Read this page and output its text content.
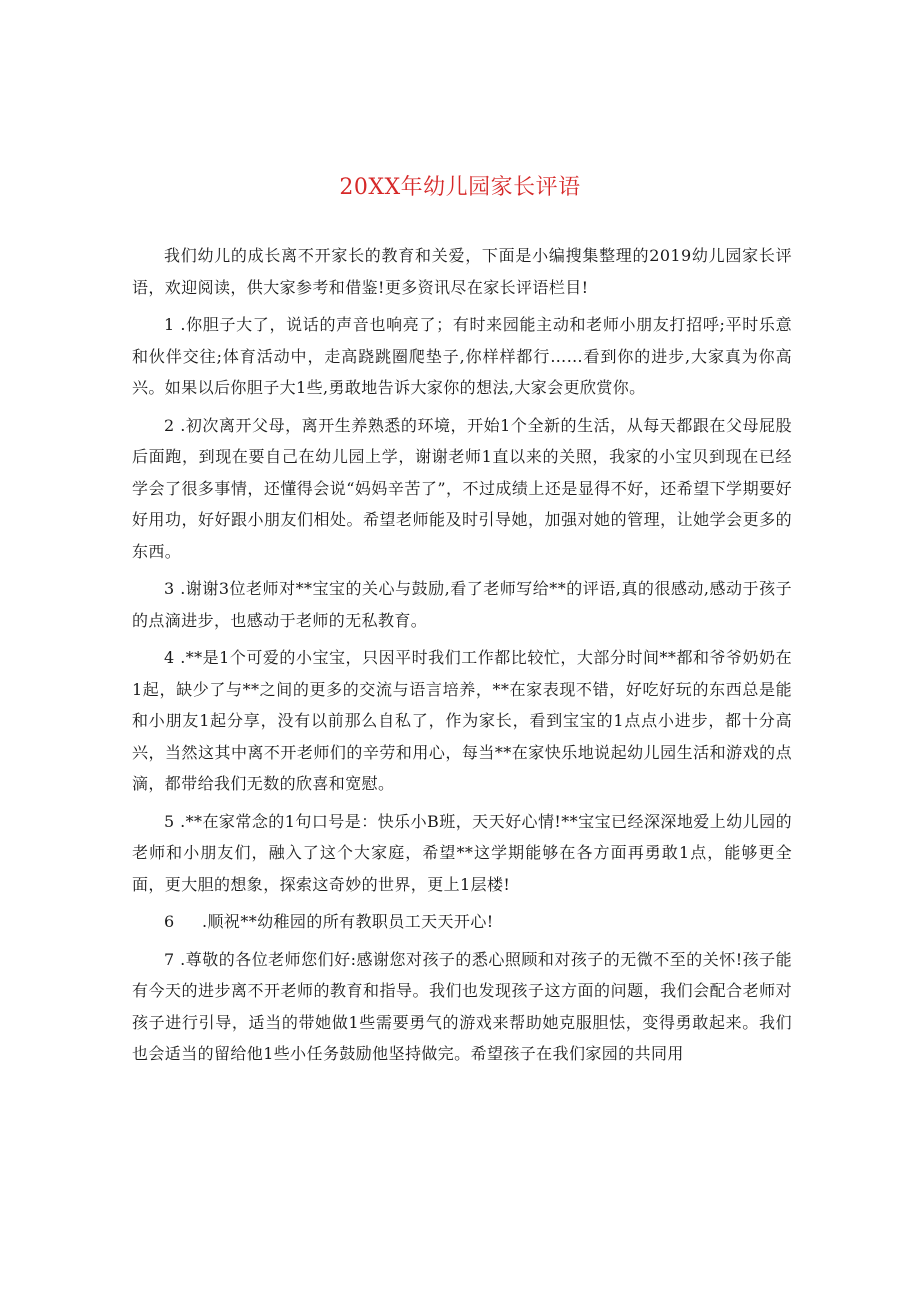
20XX年幼儿园家长评语

我们幼儿的成长离不开家长的教育和关爱，下面是小编搜集整理的2019幼儿园家长评语，欢迎阅读，供大家参考和借鉴!更多资讯尽在家长评语栏目!

1 .你胆子大了，说话的声音也响亮了；有时来园能主动和老师小朋友打招呼;平时乐意和伙伴交往;体育活动中，走高跷跳圈爬垫子,你样样都行……看到你的进步,大家真为你高兴。如果以后你胆子大1些,勇敢地告诉大家你的想法,大家会更欣赏你。

2 .初次离开父母，离开生养熟悉的环境，开始1个全新的生活，从每天都跟在父母屁股后面跑，到现在要自己在幼儿园上学，谢谢老师1直以来的关照，我家的小宝贝到现在已经学会了很多事情，还懂得会说“妈妈辛苦了”，不过成绩上还是显得不好，还希望下学期要好好用功，好好跟小朋友们相处。希望老师能及时引导她，加强对她的管理，让她学会更多的东西。

3 .谢谢3位老师对**宝宝的关心与鼓励,看了老师写给**的评语,真的很感动,感动于孩子的点滴进步，也感动于老师的无私教育。

4 .**是1个可爱的小宝宝，只因平时我们工作都比较忙，大部分时间**都和爷爷奶奶在1起，缺少了与**之间的更多的交流与语言培养，**在家表现不错，好吃好玩的东西总是能和小朋友1起分享，没有以前那么自私了，作为家长，看到宝宝的1点点小进步，都十分高兴，当然这其中离不开老师们的辛劳和用心，每当**在家快乐地说起幼儿园生活和游戏的点滴，都带给我们无数的欣喜和宽慰。

5 .**在家常念的1句口号是：快乐小B班，天天好心情!**宝宝已经深深地爱上幼儿园的老师和小朋友们，融入了这个大家庭，希望**这学期能够在各方面再勇敢1点，能够更全面，更大胆的想象，探索这奇妙的世界，更上1层楼!

6     .顺祝**幼稚园的所有教职员工天天开心!

7 .尊敬的各位老师您们好:感谢您对孩子的悉心照顾和对孩子的无微不至的关怀!孩子能有今天的进步离不开老师的教育和指导。我们也发现孩子这方面的问题，我们会配合老师对孩子进行引导，适当的带她做1些需要勇气的游戏来帮助她克服胆怯，变得勇敢起来。我们也会适当的留给他1些小任务鼓励他坚持做完。希望孩子在我们家园的共同用
